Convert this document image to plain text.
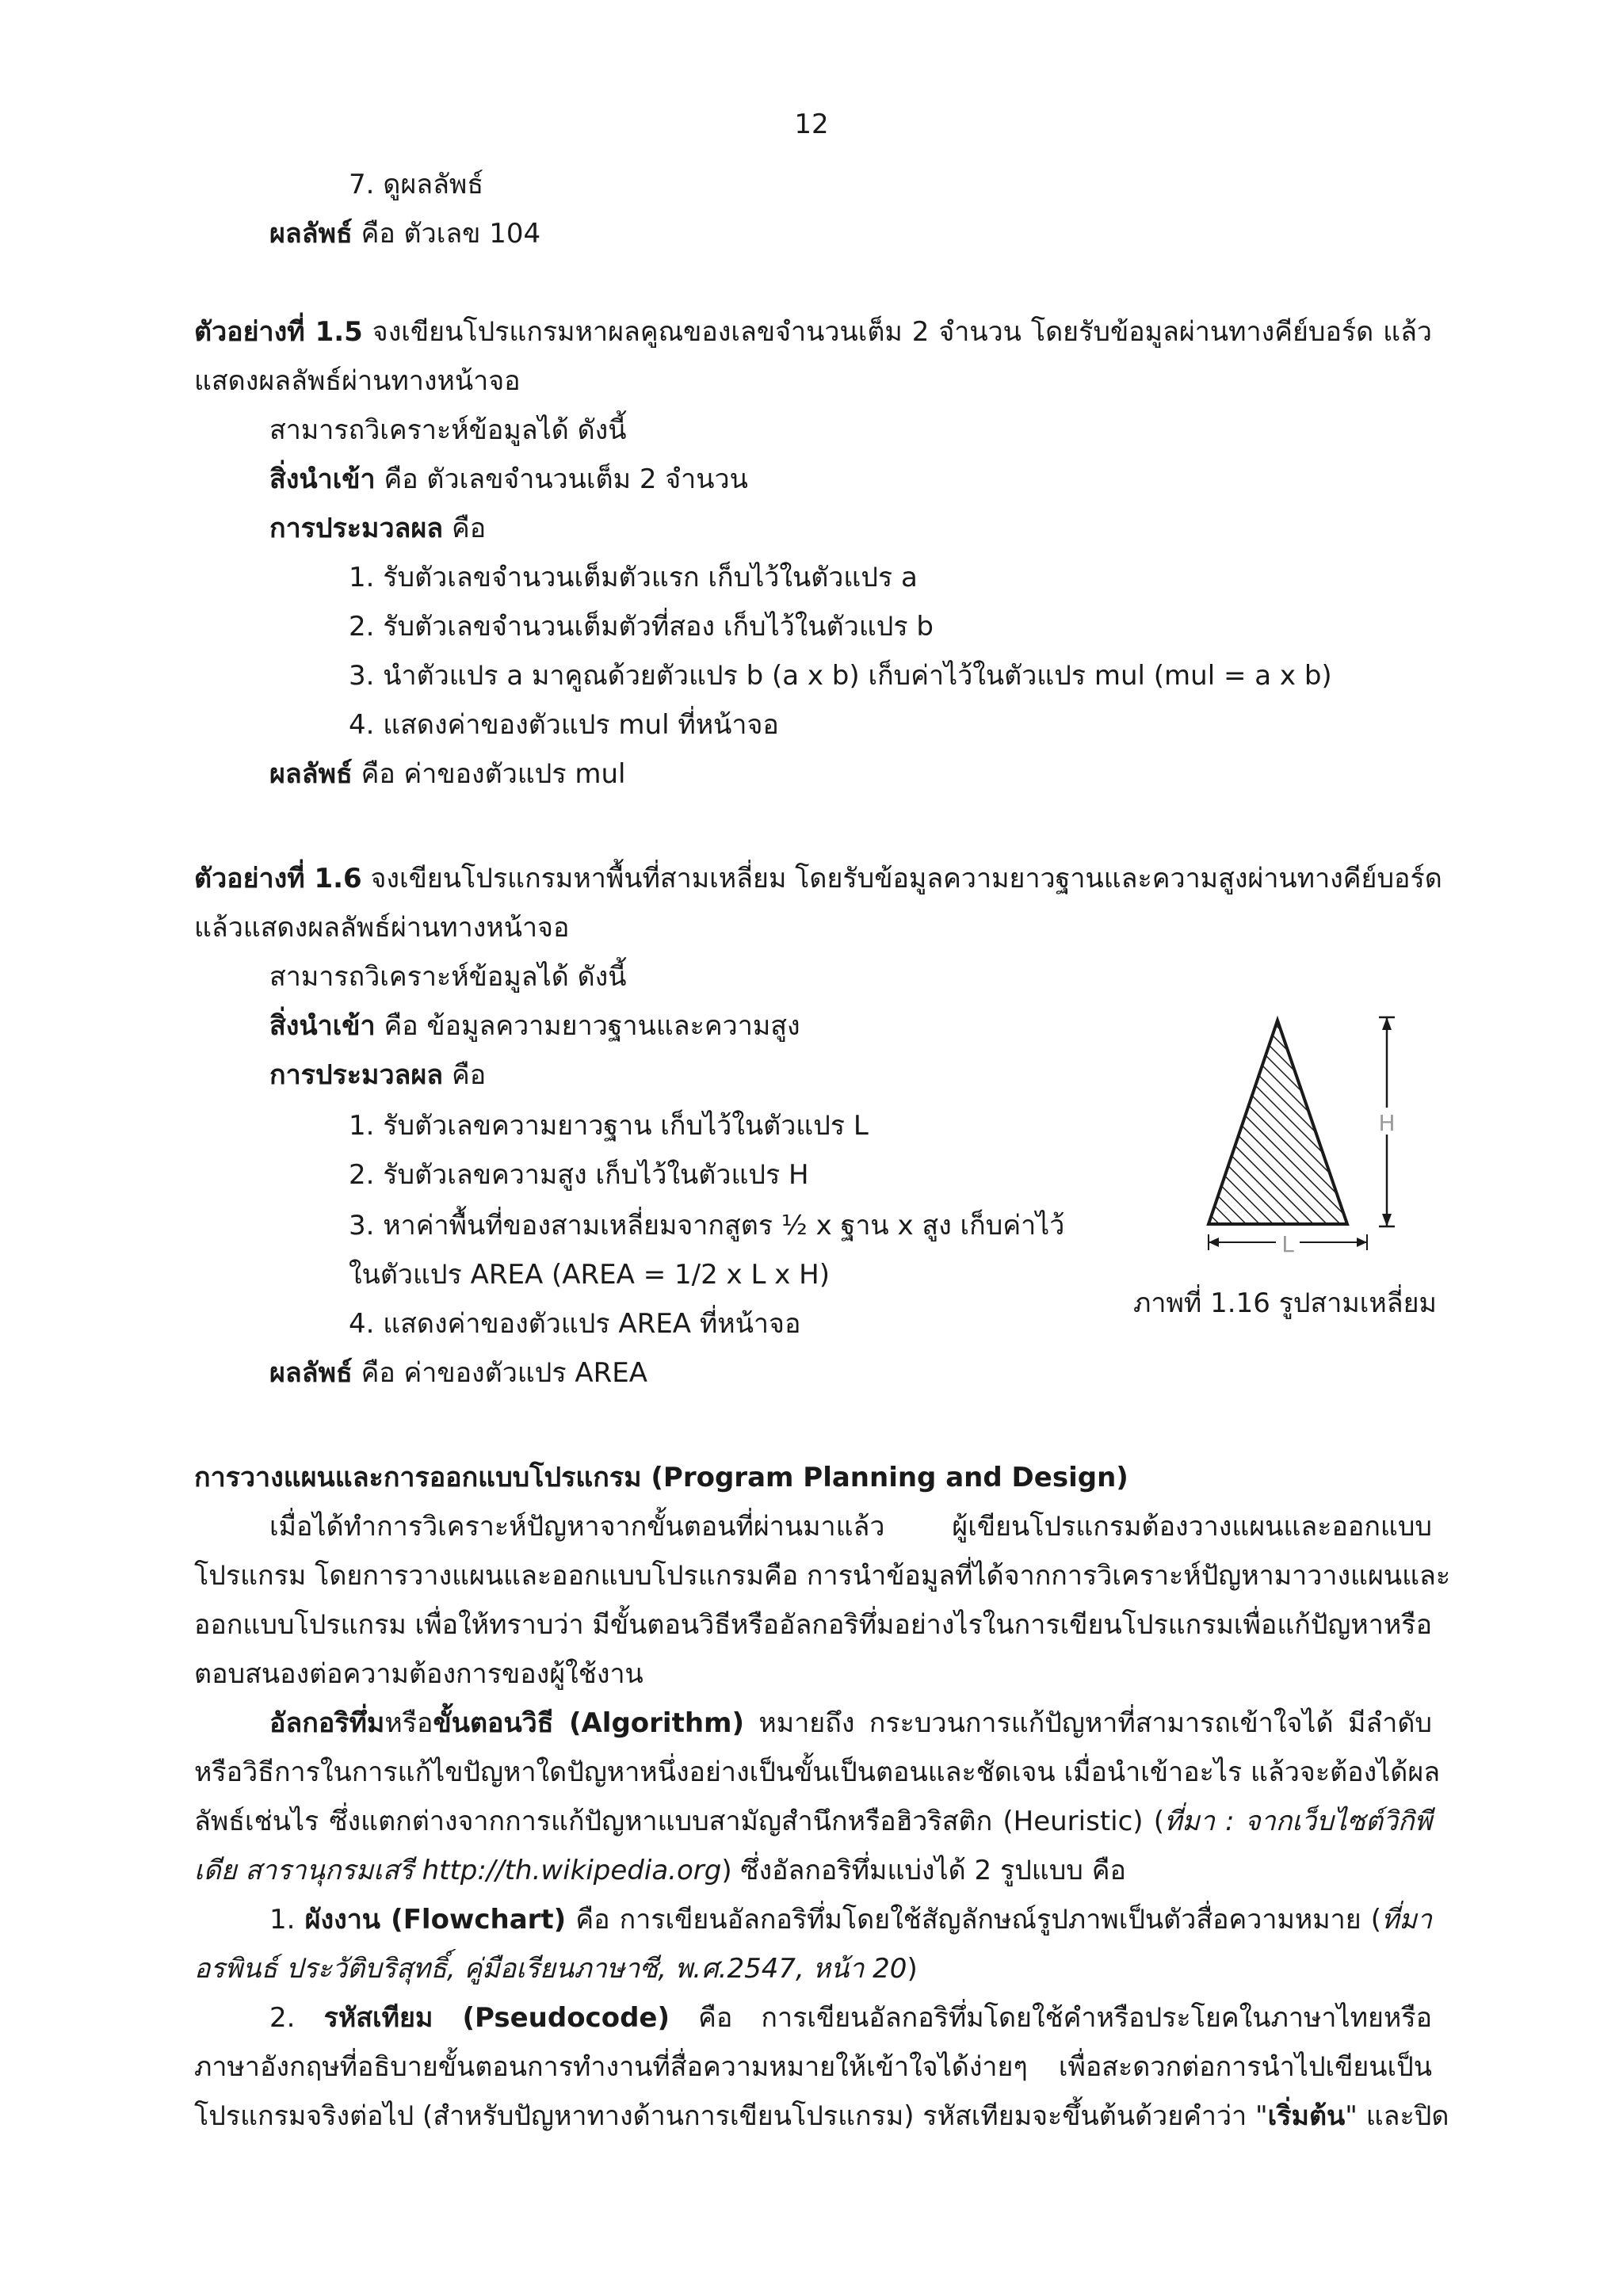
12
7. ดูผลลัพธ์
ผลลัพธ์ คือ ตัวเลข 104
ตัวอย่างที่ 1.5 จงเขียนโปรแกรมหาผลคูณของเลขจำนวนเต็ม 2 จำนวน โดยรับข้อมูลผ่านทางคีย์บอร์ด แล้ว
แสดงผลลัพธ์ผ่านทางหน้าจอ
สามารถวิเคราะห์ข้อมูลได้ ดังนี้
สิ่งนำเข้า คือ ตัวเลขจำนวนเต็ม 2 จำนวน
การประมวลผล คือ
1. รับตัวเลขจำนวนเต็มตัวแรก เก็บไว้ในตัวแปร a
2. รับตัวเลขจำนวนเต็มตัวที่สอง เก็บไว้ในตัวแปร b
3. นำตัวแปร a มาคูณด้วยตัวแปร b (a x b) เก็บค่าไว้ในตัวแปร mul (mul = a x b)
4. แสดงค่าของตัวแปร mul ที่หน้าจอ
ผลลัพธ์ คือ ค่าของตัวแปร mul
ตัวอย่างที่ 1.6 จงเขียนโปรแกรมหาพื้นที่สามเหลี่ยม โดยรับข้อมูลความยาวฐานและความสูงผ่านทางคีย์บอร์ด
แล้วแสดงผลลัพธ์ผ่านทางหน้าจอ
สามารถวิเคราะห์ข้อมูลได้ ดังนี้
สิ่งนำเข้า คือ ข้อมูลความยาวฐานและความสูง
การประมวลผล คือ
1. รับตัวเลขความยาวฐาน เก็บไว้ในตัวแปร L
2. รับตัวเลขความสูง เก็บไว้ในตัวแปร H
3. หาค่าพื้นที่ของสามเหลี่ยมจากสูตร ½ x ฐาน x สูง เก็บค่าไว้
ในตัวแปร AREA (AREA = 1/2 x L x H)
4. แสดงค่าของตัวแปร AREA ที่หน้าจอ
ผลลัพธ์ คือ ค่าของตัวแปร AREA
H
L
ภาพที่ 1.16 รูปสามเหลี่ยม
การวางแผนและการออกแบบโปรแกรม (Program Planning and Design)
เมื่อได้ทำการวิเคราะห์ปัญหาจากขั้นตอนที่ผ่านมาแล้ว ผู้เขียนโปรแกรมต้องวางแผนและออกแบบ
โปรแกรม โดยการวางแผนและออกแบบโปรแกรมคือ การนำข้อมูลที่ได้จากการวิเคราะห์ปัญหามาวางแผนและ
ออกแบบโปรแกรม เพื่อให้ทราบว่า มีขั้นตอนวิธีหรืออัลกอริทึ่มอย่างไรในการเขียนโปรแกรมเพื่อแก้ปัญหาหรือ
ตอบสนองต่อความต้องการของผู้ใช้งาน
อัลกอริทึ่มหรือขั้นตอนวิธี (Algorithm) หมายถึง กระบวนการแก้ปัญหาที่สามารถเข้าใจได้ มีลำดับ
หรือวิธีการในการแก้ไขปัญหาใดปัญหาหนึ่งอย่างเป็นขั้นเป็นตอนและชัดเจน เมื่อนำเข้าอะไร แล้วจะต้องได้ผล
ลัพธ์เช่นไร ซึ่งแตกต่างจากการแก้ปัญหาแบบสามัญสำนึกหรือฮิวริสติก (Heuristic) (ที่มา : จากเว็บไซต์วิกิพี
เดีย สารานุกรมเสรี http://th.wikipedia.org) ซึ่งอัลกอริทึ่มแบ่งได้ 2 รูปแบบ คือ
1. ผังงาน (Flowchart) คือ การเขียนอัลกอริทึ่มโดยใช้สัญลักษณ์รูปภาพเป็นตัวสื่อความหมาย (ที่มา
อรพินธ์ ประวัติบริสุทธิ์, คู่มือเรียนภาษาซี, พ.ศ.2547, หน้า 20)
2. รหัสเทียม (Pseudocode) คือ การเขียนอัลกอริทึ่มโดยใช้คำหรือประโยคในภาษาไทยหรือ
ภาษาอังกฤษที่อธิบายขั้นตอนการทำงานที่สื่อความหมายให้เข้าใจได้ง่ายๆ เพื่อสะดวกต่อการนำไปเขียนเป็น
โปรแกรมจริงต่อไป (สำหรับปัญหาทางด้านการเขียนโปรแกรม) รหัสเทียมจะขึ้นต้นด้วยคำว่า "เริ่มต้น" และปิด
